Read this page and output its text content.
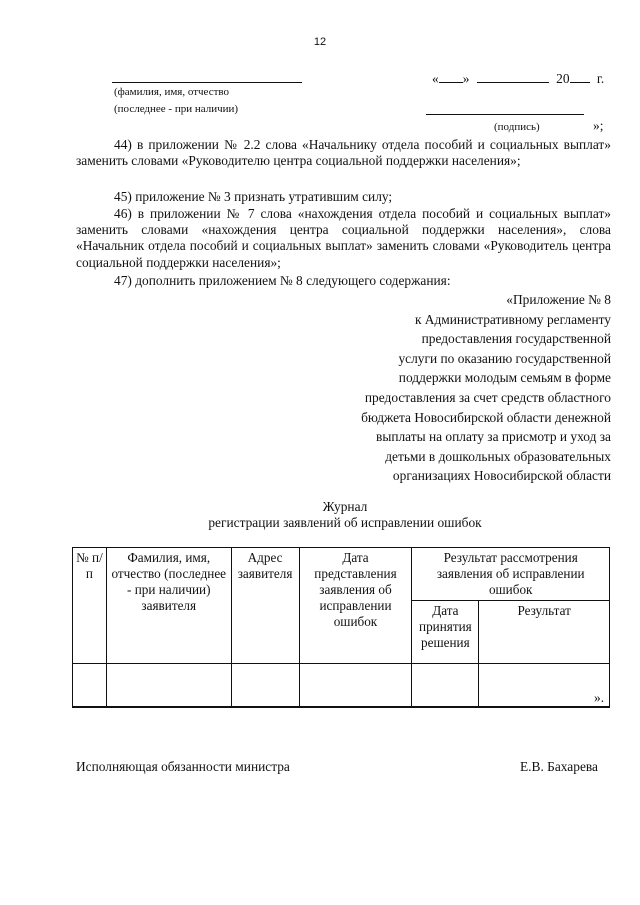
12
(фамилия, имя, отчество
(последнее - при наличии)
« »	20 г.
(подпись)	»;
44) в приложении № 2.2 слова «Начальнику отдела пособий и социальных выплат» заменить словами «Руководителю центра социальной поддержки населения»;
45) приложение № 3 признать утратившим силу;
46) в приложении № 7 слова «нахождения отдела пособий и социальных выплат» заменить словами «нахождения центра социальной поддержки населения», слова «Начальник отдела пособий и социальных выплат» заменить словами «Руководитель центра социальной поддержки населения»;
47) дополнить приложением № 8 следующего содержания:
«Приложение № 8
к Административному регламенту
предоставления государственной
услуги по оказанию государственной
поддержки молодым семьям в форме
предоставления за счет средств областного
бюджета Новосибирской области денежной
выплаты на оплату за присмотр и уход за
детьми в дошкольных образовательных
организациях Новосибирской области
Журнал
регистрации заявлений об исправлении ошибок
№ п/п	Фамилия, имя, отчество (последнее - при наличии) заявителя	Адрес заявителя	Дата представления заявления об исправлении ошибок	Результат рассмотрения заявления об исправлении ошибок	
				Дата принятия решения	Результат

».
Исполняющая обязанности министра	Е.В. Бахарева
